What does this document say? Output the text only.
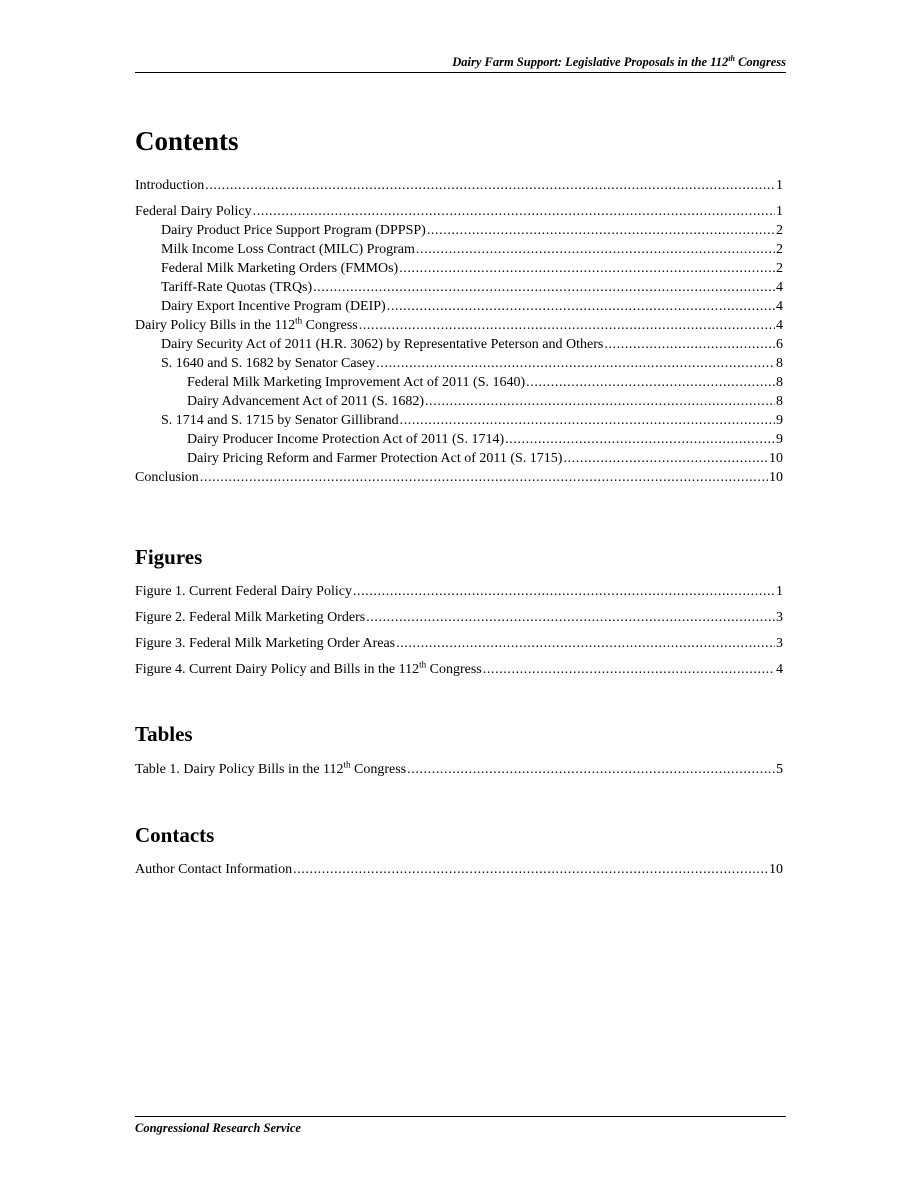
Dairy Farm Support: Legislative Proposals in the 112th Congress
Contents
Introduction .....	1
Federal Dairy Policy .....	1
Dairy Product Price Support Program (DPPSP) .....	2
Milk Income Loss Contract (MILC) Program .....	2
Federal Milk Marketing Orders (FMMOs) .....	2
Tariff-Rate Quotas (TRQs) .....	4
Dairy Export Incentive Program (DEIP) .....	4
Dairy Policy Bills in the 112th Congress .....	4
Dairy Security Act of 2011 (H.R. 3062) by Representative Peterson and Others .....	6
S. 1640 and S. 1682 by Senator Casey .....	8
Federal Milk Marketing Improvement Act of 2011 (S. 1640) .....	8
Dairy Advancement Act of 2011 (S. 1682) .....	8
S. 1714 and S. 1715 by Senator Gillibrand .....	9
Dairy Producer Income Protection Act of 2011 (S. 1714) .....	9
Dairy Pricing Reform and Farmer Protection Act of 2011 (S. 1715) .....	10
Conclusion .....	10
Figures
Figure 1. Current Federal Dairy Policy .....	1
Figure 2. Federal Milk Marketing Orders .....	3
Figure 3. Federal Milk Marketing Order Areas .....	3
Figure 4. Current Dairy Policy and Bills in the 112th Congress .....	4
Tables
Table 1. Dairy Policy Bills in the 112th Congress .....	5
Contacts
Author Contact Information .....	10
Congressional Research Service
